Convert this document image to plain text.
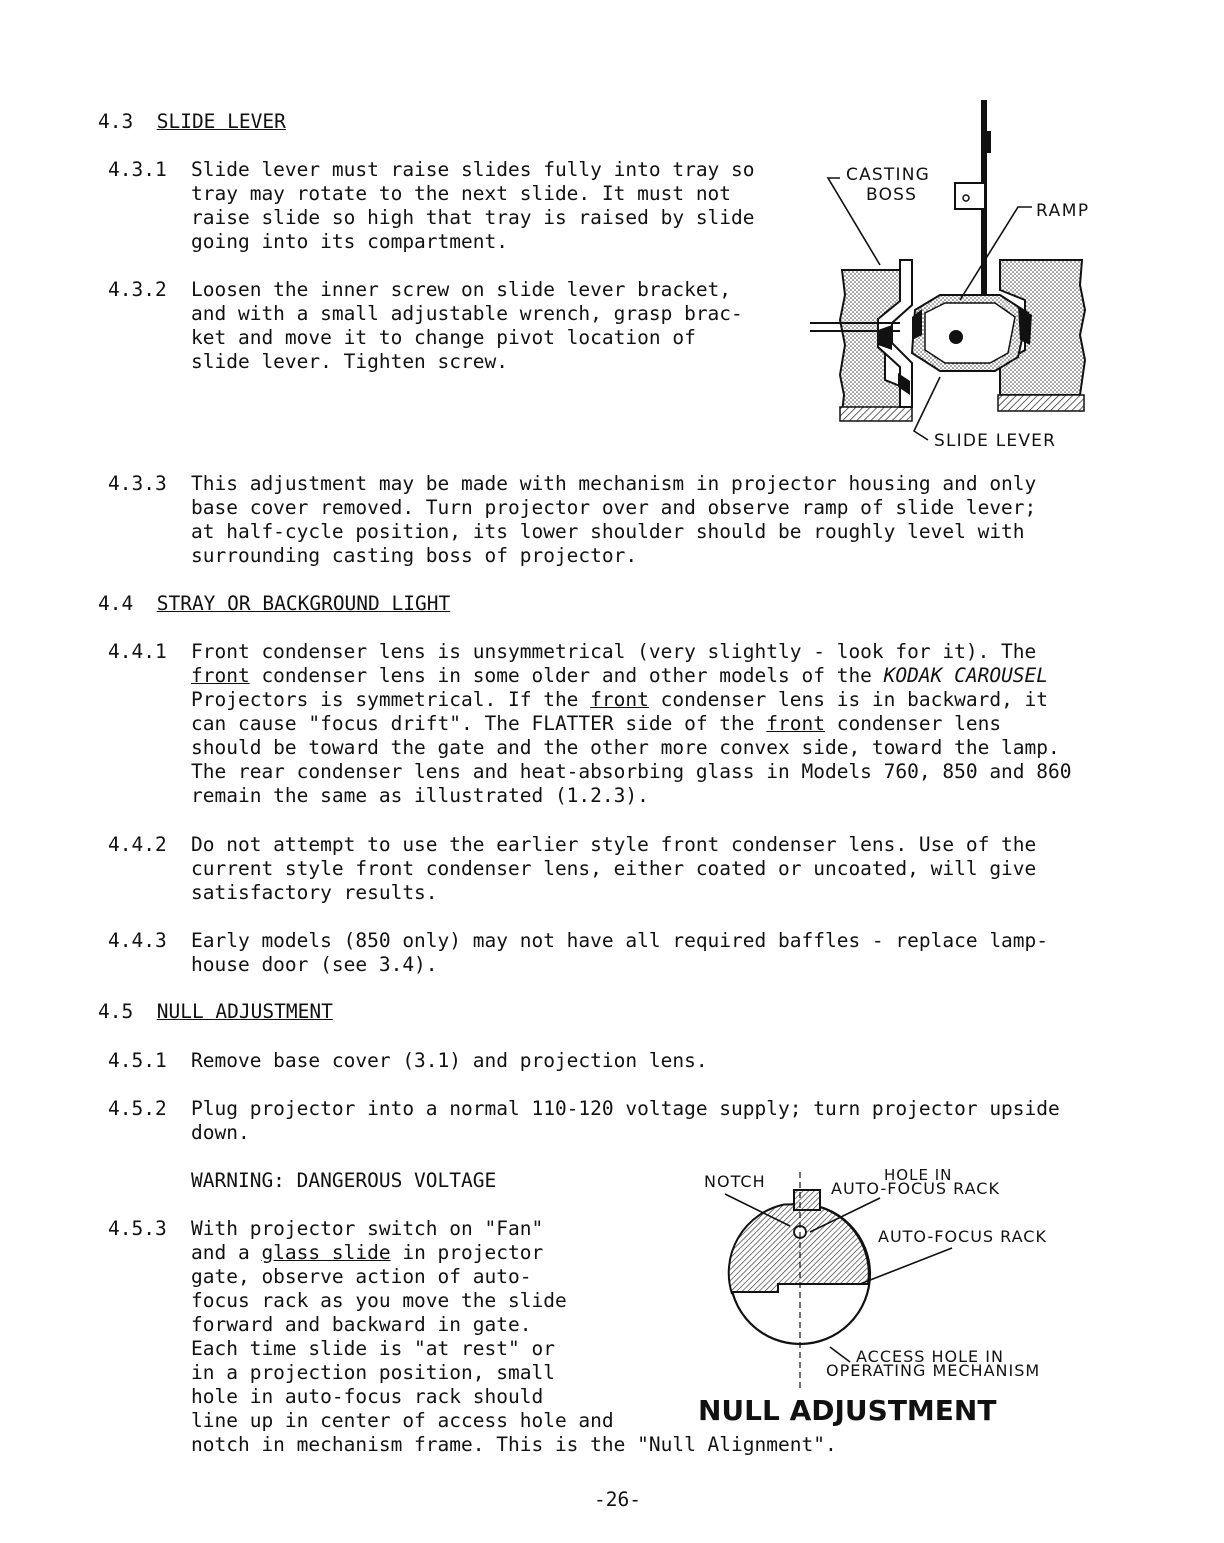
4.3 SLIDE LEVER
4.3.1 Slide lever must raise slides fully into tray so
tray may rotate to the next slide. It must not
raise slide so high that tray is raised by slide
going into its compartment.
4.3.2 Loosen the inner screw on slide lever bracket,
and with a small adjustable wrench, grasp brac-
ket and move it to change pivot location of
slide lever. Tighten screw.
CASTING
BOSS
RAMP
SLIDE LEVER
4.3.3 This adjustment may be made with mechanism in projector housing and only
base cover removed. Turn projector over and observe ramp of slide lever;
at half-cycle position, its lower shoulder should be roughly level with
surrounding casting boss of projector.
4.4 STRAY OR BACKGROUND LIGHT
4.4.1 Front condenser lens is unsymmetrical (very slightly - look for it). The
front condenser lens in some older and other models of the KODAK CAROUSEL
Projectors is symmetrical. If the front condenser lens is in backward, it
can cause "focus drift". The FLATTER side of the front condenser lens
should be toward the gate and the other more convex side, toward the lamp.
The rear condenser lens and heat-absorbing glass in Models 760, 850 and 860
remain the same as illustrated (1.2.3).
4.4.2 Do not attempt to use the earlier style front condenser lens. Use of the
current style front condenser lens, either coated or uncoated, will give
satisfactory results.
4.4.3 Early models (850 only) may not have all required baffles - replace lamp-
house door (see 3.4).
4.5 NULL ADJUSTMENT
4.5.1 Remove base cover (3.1) and projection lens.
4.5.2 Plug projector into a normal 110-120 voltage supply; turn projector upside
down.
WARNING: DANGEROUS VOLTAGE
4.5.3 With projector switch on "Fan"
and a glass slide in projector
gate, observe action of auto-
focus rack as you move the slide
forward and backward in gate.
Each time slide is "at rest" or
in a projection position, small
hole in auto-focus rack should
line up in center of access hole and
notch in mechanism frame. This is the "Null Alignment".
NOTCH	HOLE IN
AUTO-FOCUS RACK
AUTO-FOCUS RACK
ACCESS HOLE IN
OPERATING MECHANISM
NULL ADJUSTMENT
-26-
